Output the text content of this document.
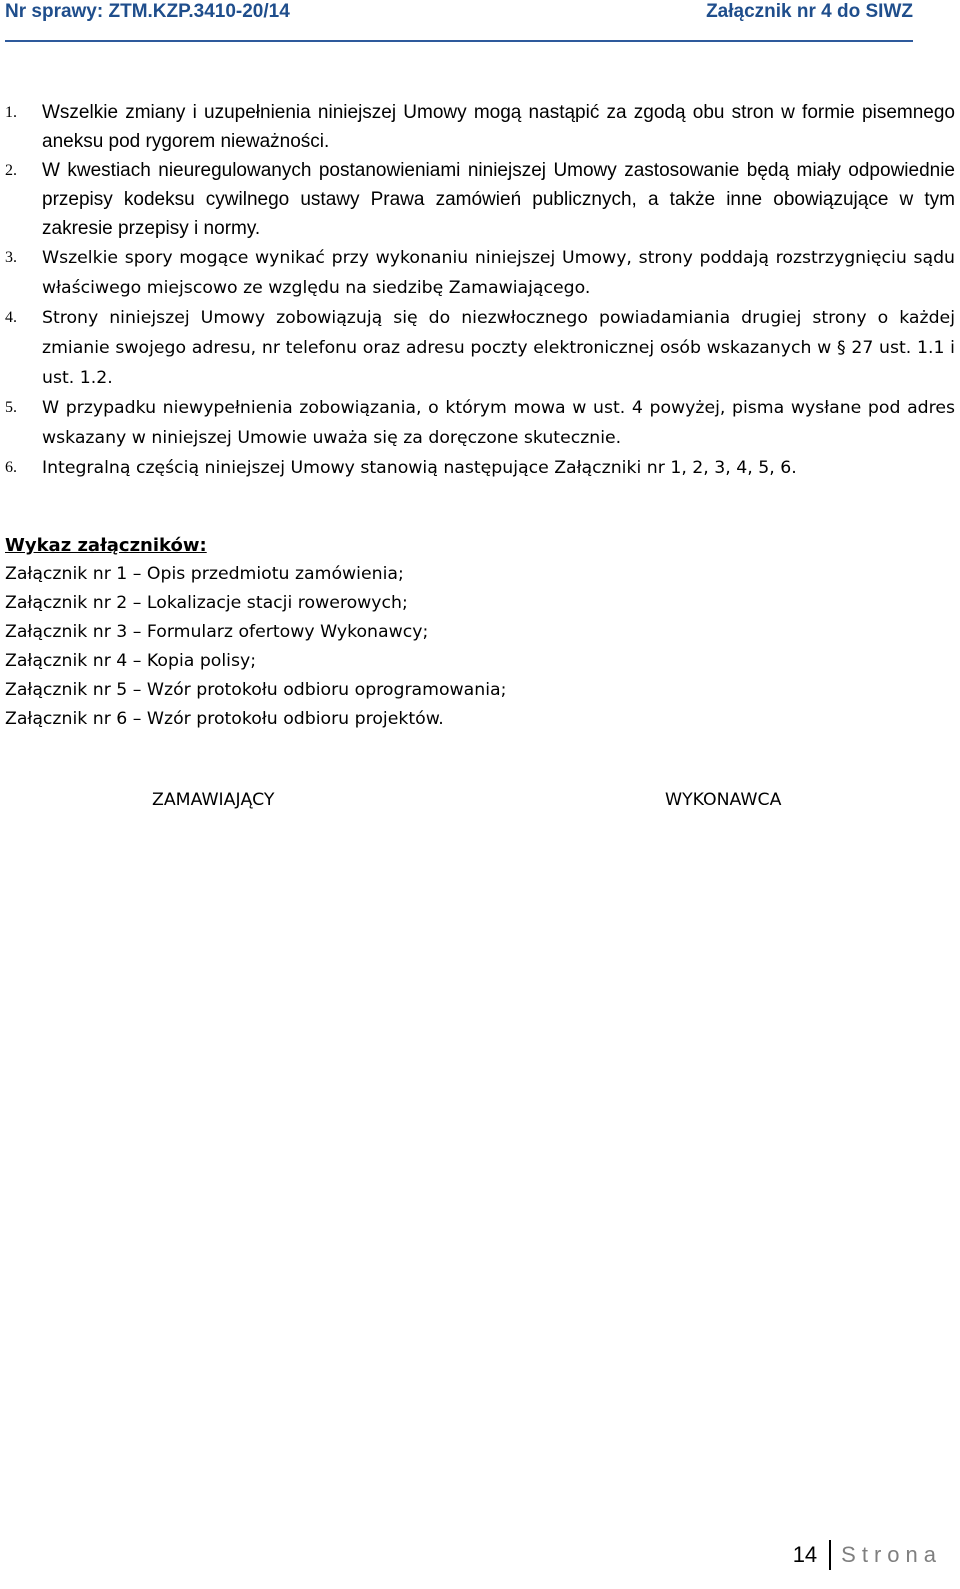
Nr sprawy: ZTM.KZP.3410-20/14	Załącznik nr 4 do SIWZ
1. Wszelkie zmiany i uzupełnienia niniejszej Umowy mogą nastąpić za zgodą obu stron w formie pisemnego aneksu pod rygorem nieważności.
2. W kwestiach nieuregulowanych postanowieniami niniejszej Umowy zastosowanie będą miały odpowiednie przepisy kodeksu cywilnego ustawy Prawa zamówień publicznych, a także inne obowiązujące w tym zakresie przepisy i normy.
3. Wszelkie spory mogące wynikać przy wykonaniu niniejszej Umowy, strony poddają rozstrzygnięciu sądu właściwego miejscowo ze względu na siedzibę Zamawiającego.
4. Strony niniejszej Umowy zobowiązują się do niezwłocznego powiadamiania drugiej strony o każdej zmianie swojego adresu, nr telefonu oraz adresu poczty elektronicznej osób wskazanych w § 27 ust. 1.1 i ust. 1.2.
5. W przypadku niewypełnienia zobowiązania, o którym mowa w ust. 4 powyżej, pisma wysłane pod adres wskazany w niniejszej Umowie uważa się za doręczone skutecznie.
6. Integralną częścią niniejszej Umowy stanowią następujące Załączniki nr 1, 2, 3, 4, 5, 6.
Wykaz załączników:
Załącznik nr 1 – Opis przedmiotu zamówienia;
Załącznik nr 2 – Lokalizacje stacji rowerowych;
Załącznik nr 3 – Formularz ofertowy Wykonawcy;
Załącznik nr 4 – Kopia polisy;
Załącznik nr 5 – Wzór protokołu odbioru oprogramowania;
Załącznik nr 6 – Wzór protokołu odbioru projektów.
ZAMAWIAJĄCY	WYKONAWCA
14 Strona
